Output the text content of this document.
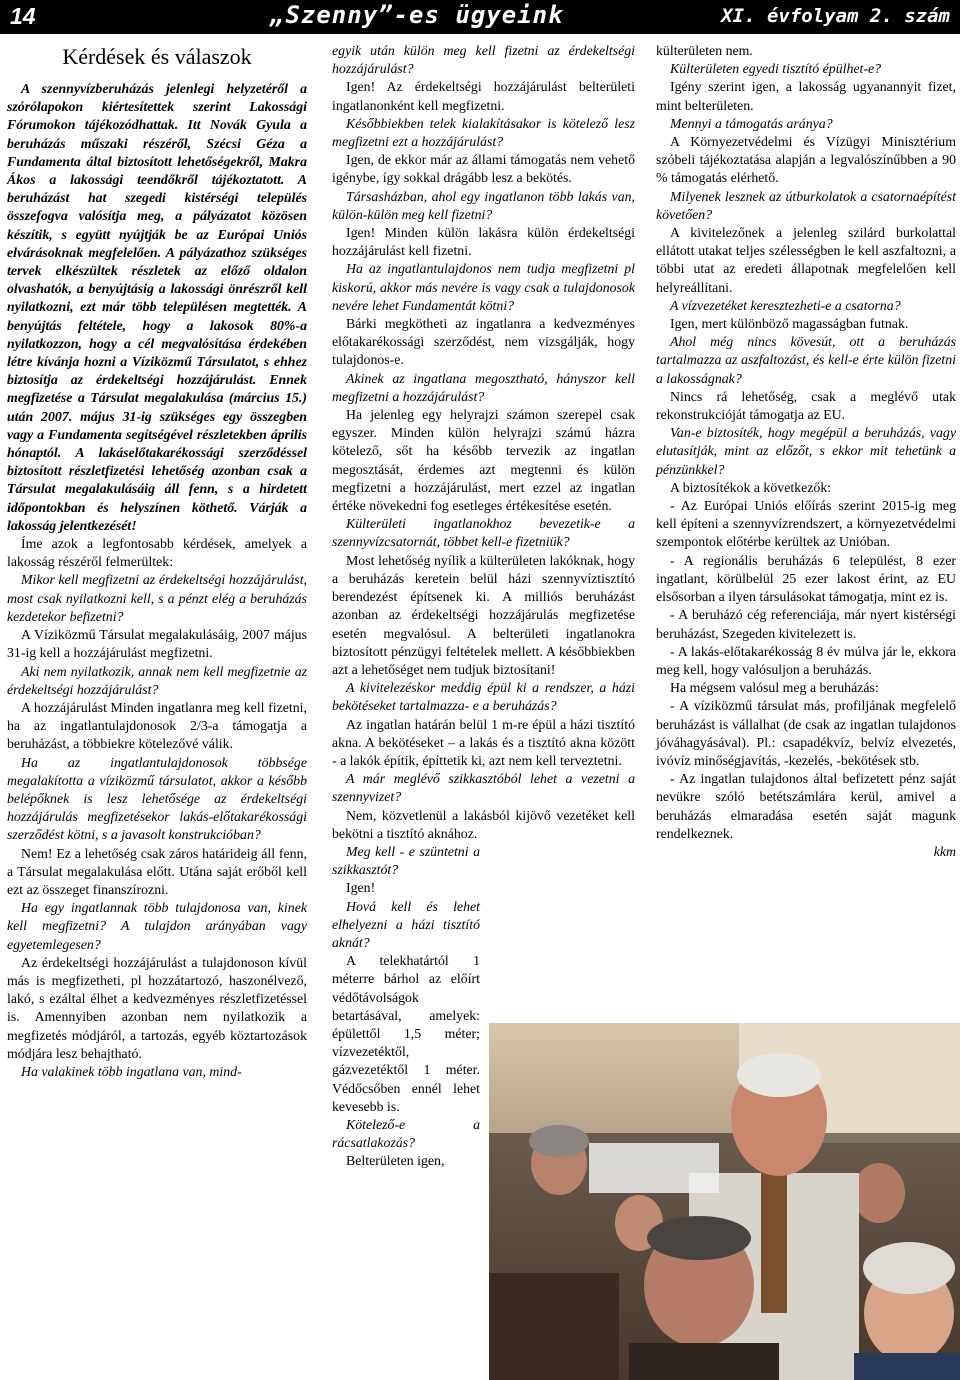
14	„Szenny”-es ügyeink	XI. évfolyam 2. szám
Kérdések és válaszok

A szennyvízberuházás jelenlegi helyzetéről a szórólapokon kiértesítettek szerint Lakossági Fórumokon tájékozódhattak. Itt Novák Gyula a beruházás műszaki részéről, Szécsi Géza a Fundamenta által biztosított lehetőségekről, Makra Ákos a lakossági teendőkről tájékoztatott. A beruházást hat szegedi kistérségi település összefogva valósítja meg, a pályázatot közösen készítik, s együtt nyújtják be az Európai Uniós elvárásoknak megfelelően. A pályázathoz szükséges tervek elkészültek részletek az előző oldalon olvashatók, a benyújtásig a lakossági önrészről kell nyilatkozni, ezt már több településen megtették. A benyújtás feltétele, hogy a lakosok 80%-a nyilatkozzon, hogy a cél megvalósítása érdekében létre kívánja hozni a Víziközmű Társulatot, s ehhez biztosítja az érdekeltségi hozzájárulást. Ennek megfizetése a Társulat megalakulása (március 15.) után 2007. május 31-ig szükséges egy összegben vagy a Fundamenta segítségével részletekben április hónaptól. A lakáselőtakarékossági szerződéssel biztosított részletfizetési lehetőség azonban csak a Társulat megalakulásáig áll fenn, s a hirdetett időpontokban és helyszínen köthető. Várják a lakosság jelentkezését!

Íme azok a legfontosabb kérdések, amelyek a lakosság részéről felmerültek:

Mikor kell megfizetni az érdekeltségi hozzájárulást, most csak nyilatkozni kell, s a pénzt elég a beruházás kezdetekor befizetni?

A Víziközmű Társulat megalakulásáig, 2007 május 31-ig kell a hozzájárulást megfizetni.

Aki nem nyilatkozik, annak nem kell megfizetnie az érdekeltségi hozzájárulást?

A hozzájárulást Minden ingatlanra meg kell fizetni, ha az ingatlantulajdonosok 2/3-a támogatja a beruházást, a többiekre kötelezővé válik.

Ha az ingatlantulajdonosok többsége megalakította a víziközmű társulatot, akkor a később belépőknek is lesz lehetősége az érdekeltségi hozzájárulás megfizetésekor lakás-előtakarékossági szerződést kötni, s a javasolt konstrukcióban?

Nem! Ez a lehetőség csak záros határideig áll fenn, a Társulat megalakulása előtt. Utána saját erőből kell ezt az összeget finanszírozni.

Ha egy ingatlannak több tulajdonosa van, kinek kell megfizetni? A tulajdon arányában vagy egyetemlegesen?

Az érdekeltségi hozzájárulást a tulajdonoson kívül más is megfizetheti, pl hozzátartozó, haszonélvező, lakó, s ezáltal élhet a kedvezményes részletfizetéssel is. Amennyiben azonban nem nyilatkozik a megfizetés módjáról, a tartozás, egyéb köztartozások módjára lesz behajtható.

Ha valakinek több ingatlana van, mind-

egyik után külön meg kell fizetni az érdekeltségi hozzájárulást?

Igen! Az érdekeltségi hozzájárulást belterületi ingatlanonként kell megfizetni.

Későbbiekben telek kialakításakor is kötelező lesz megfizetni ezt a hozzájárulást?

Igen, de ekkor már az állami támogatás nem vehető igénybe, így sokkal drágább lesz a bekötés.

Társasházban, ahol egy ingatlanon több lakás van, külön-külön meg kell fizetni?

Igen! Minden külön lakásra külön érdekeltségi hozzájárulást kell fizetni.

Ha az ingatlantulajdonos nem tudja megfizetni pl kiskorú, akkor más nevére is vagy csak a tulajdonosok nevére lehet Fundamentát kötni?

Bárki megkötheti az ingatlanra a kedvezményes előtakarékossági szerződést, nem vizsgálják, hogy tulajdonos-e.

Akinek az ingatlana megosztható, hányszor kell megfizetni a hozzájárulást?

Ha jelenleg egy helyrajzi számon szerepel csak egyszer. Minden külön helyrajzi számú házra kötelező, sőt ha később tervezik az ingatlan megosztását, érdemes azt megtenni és külön megfizetni a hozzájárulást, mert ezzel az ingatlan értéke növekedni fog esetleges értékesítése esetén.

Külterületi ingatlanokhoz bevezetik-e a szennyvízcsatornát, többet kell-e fizetniük?

Most lehetőség nyílik a külterületen lakóknak, hogy a beruházás keretein belül házi szennyvíztisztító berendezést építsenek ki. A milliós beruházást azonban az érdekeltségi hozzájárulás megfizetése esetén megvalósul. A belterületi ingatlanokra biztosított pénzügyi feltételek mellett. A későbbiekben azt a lehetőséget nem tudjuk biztosítani!

A kivitelezéskor meddig épül ki a rendszer, a házi bekötéseket tartalmazza- e a beruházás?

Az ingatlan határán belül 1 m-re épül a házi tisztító akna. A bekötéseket – a lakás és a tisztító akna között - a lakók építik, építtetik ki, azt nem kell terveztetni.

A már meglévő szikkasztóból lehet a vezetni a szennyvizet?

Nem, közvetlenül a lakásból kijövő vezetéket kell bekötni a tisztító aknához.

Meg kell - e szüntetni a szikkasztót?

Igen!

Hová kell és lehet elhelyezni a házi tisztító aknát?

A telekhatártól 1 méterre bárhol az előírt védőtávolságok betartásával, amelyek: épülettől 1,5 méter; vízvezetéktől, gázvezetéktől 1 méter. Védőcsőben ennél lehet kevesebb is.

Kötelező-e a rácsatlakozás?

Belterületen igen,

külterületen nem.

Külterületen egyedi tisztító épülhet-e?

Igény szerint igen, a lakosság ugyanannyit fizet, mint belterületen.

Mennyi a támogatás aránya?

A Környezetvédelmi és Vízügyi Minisztérium szóbeli tájékoztatása alapján a legvalószínűbben a 90 % támogatás elérhető.

Milyenek lesznek az útburkolatok a csatornaépítést követően?

A kivitelezőnek a jelenleg szilárd burkolattal ellátott utakat teljes szélességben le kell aszfaltozni, a többi utat az eredeti állapotnak megfelelően kell helyreállítani.

A vízvezetéket keresztezheti-e a csatorna?

Igen, mert különböző magasságban futnak.

Ahol még nincs kövesút, ott a beruházás tartalmazza az aszfaltozást, és kell-e érte külön fizetni a lakosságnak?

Nincs rá lehetőség, csak a meglévő utak rekonstrukcióját támogatja az EU.

Van-e biztosíték, hogy megépül a beruházás, vagy elutasítják, mint az előzőt, s ekkor mit tehetünk a pénzünkkel?

A biztosítékok a következők:

- Az Európai Uniós előírás szerint 2015-ig meg kell építeni a szennyvízrendszert, a környezetvédelmi szempontok előtérbe kerültek az Unióban.

- A regionális beruházás 6 települést, 8 ezer ingatlant, körülbelül 25 ezer lakost érint, az EU elsősorban a ilyen társulásokat támogatja, mint ez is.

- A beruházó cég referenciája, már nyert kistérségi beruházást, Szegeden kivitelezett is.

- A lakás-előtakarékosság 8 év múlva jár le, ekkora meg kell, hogy valósuljon a beruházás.

Ha mégsem valósul meg a beruházás:

- A víziközmű társulat más, profiljának megfelelő beruházást is vállalhat (de csak az ingatlan tulajdonos jóváhagyásával). Pl.: csapadékvíz, belvíz elvezetés, ivóvíz minőségjavítás, -kezelés, -bekötések stb.

- Az ingatlan tulajdonos által befizetett pénz saját nevükre szóló betétszámlára kerül, amivel a beruházás elmaradása esetén saját magunk rendelkeznek.

kkm
